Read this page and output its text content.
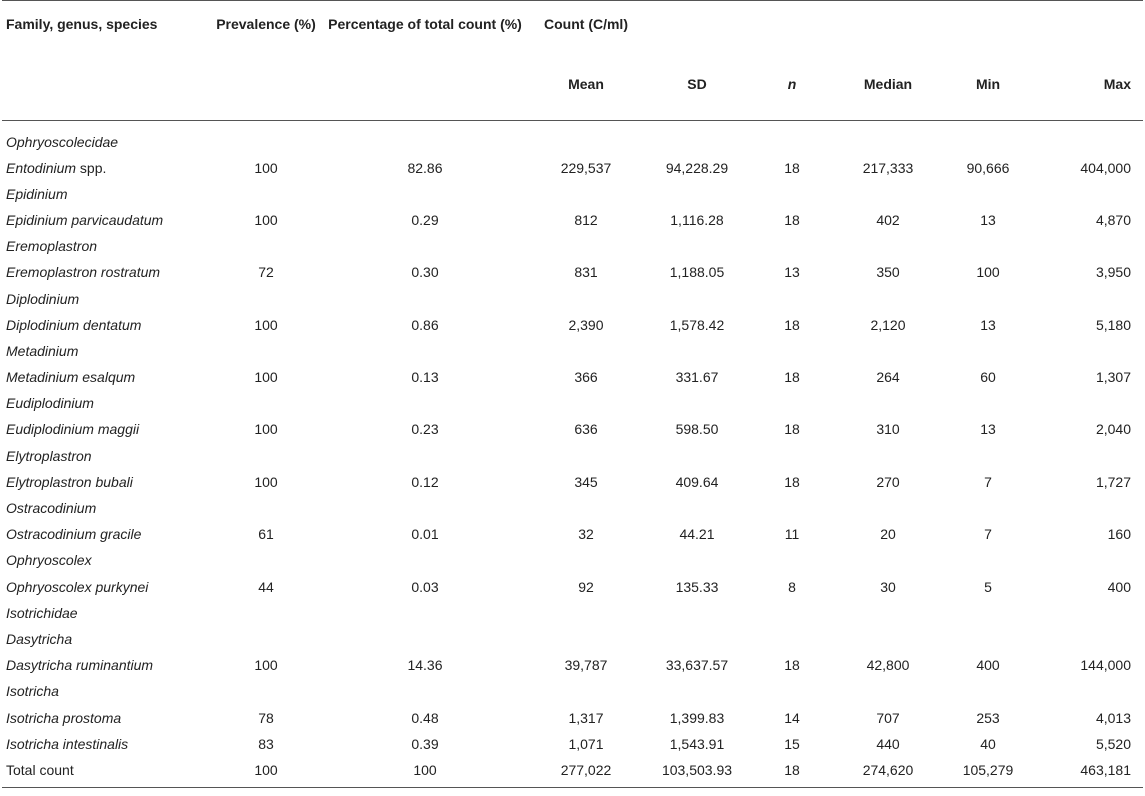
Family, genus, species	Prevalence (%)	Percentage of total count (%)	Count (C/ml)					
			Mean	SD	n	Median	Min	Max
Ophryoscolecidae								
Entodinium spp.	100	82.86	229,537	94,228.29	18	217,333	90,666	404,000
Epidinium								
Epidinium parvicaudatum	100	0.29	812	1,116.28	18	402	13	4,870
Eremoplastron								
Eremoplastron rostratum	72	0.30	831	1,188.05	13	350	100	3,950
Diplodinium								
Diplodinium dentatum	100	0.86	2,390	1,578.42	18	2,120	13	5,180
Metadinium								
Metadinium esalqum	100	0.13	366	331.67	18	264	60	1,307
Eudiplodinium								
Eudiplodinium maggii	100	0.23	636	598.50	18	310	13	2,040
Elytroplastron								
Elytroplastron bubali	100	0.12	345	409.64	18	270	7	1,727
Ostracodinium								
Ostracodinium gracile	61	0.01	32	44.21	11	20	7	160
Ophryoscolex								
Ophryoscolex purkynei	44	0.03	92	135.33	8	30	5	400
Isotrichidae								
Dasytricha								
Dasytricha ruminantium	100	14.36	39,787	33,637.57	18	42,800	400	144,000
Isotricha								
Isotricha prostoma	78	0.48	1,317	1,399.83	14	707	253	4,013
Isotricha intestinalis	83	0.39	1,071	1,543.91	15	440	40	5,520
Total count	100	100	277,022	103,503.93	18	274,620	105,279	463,181
